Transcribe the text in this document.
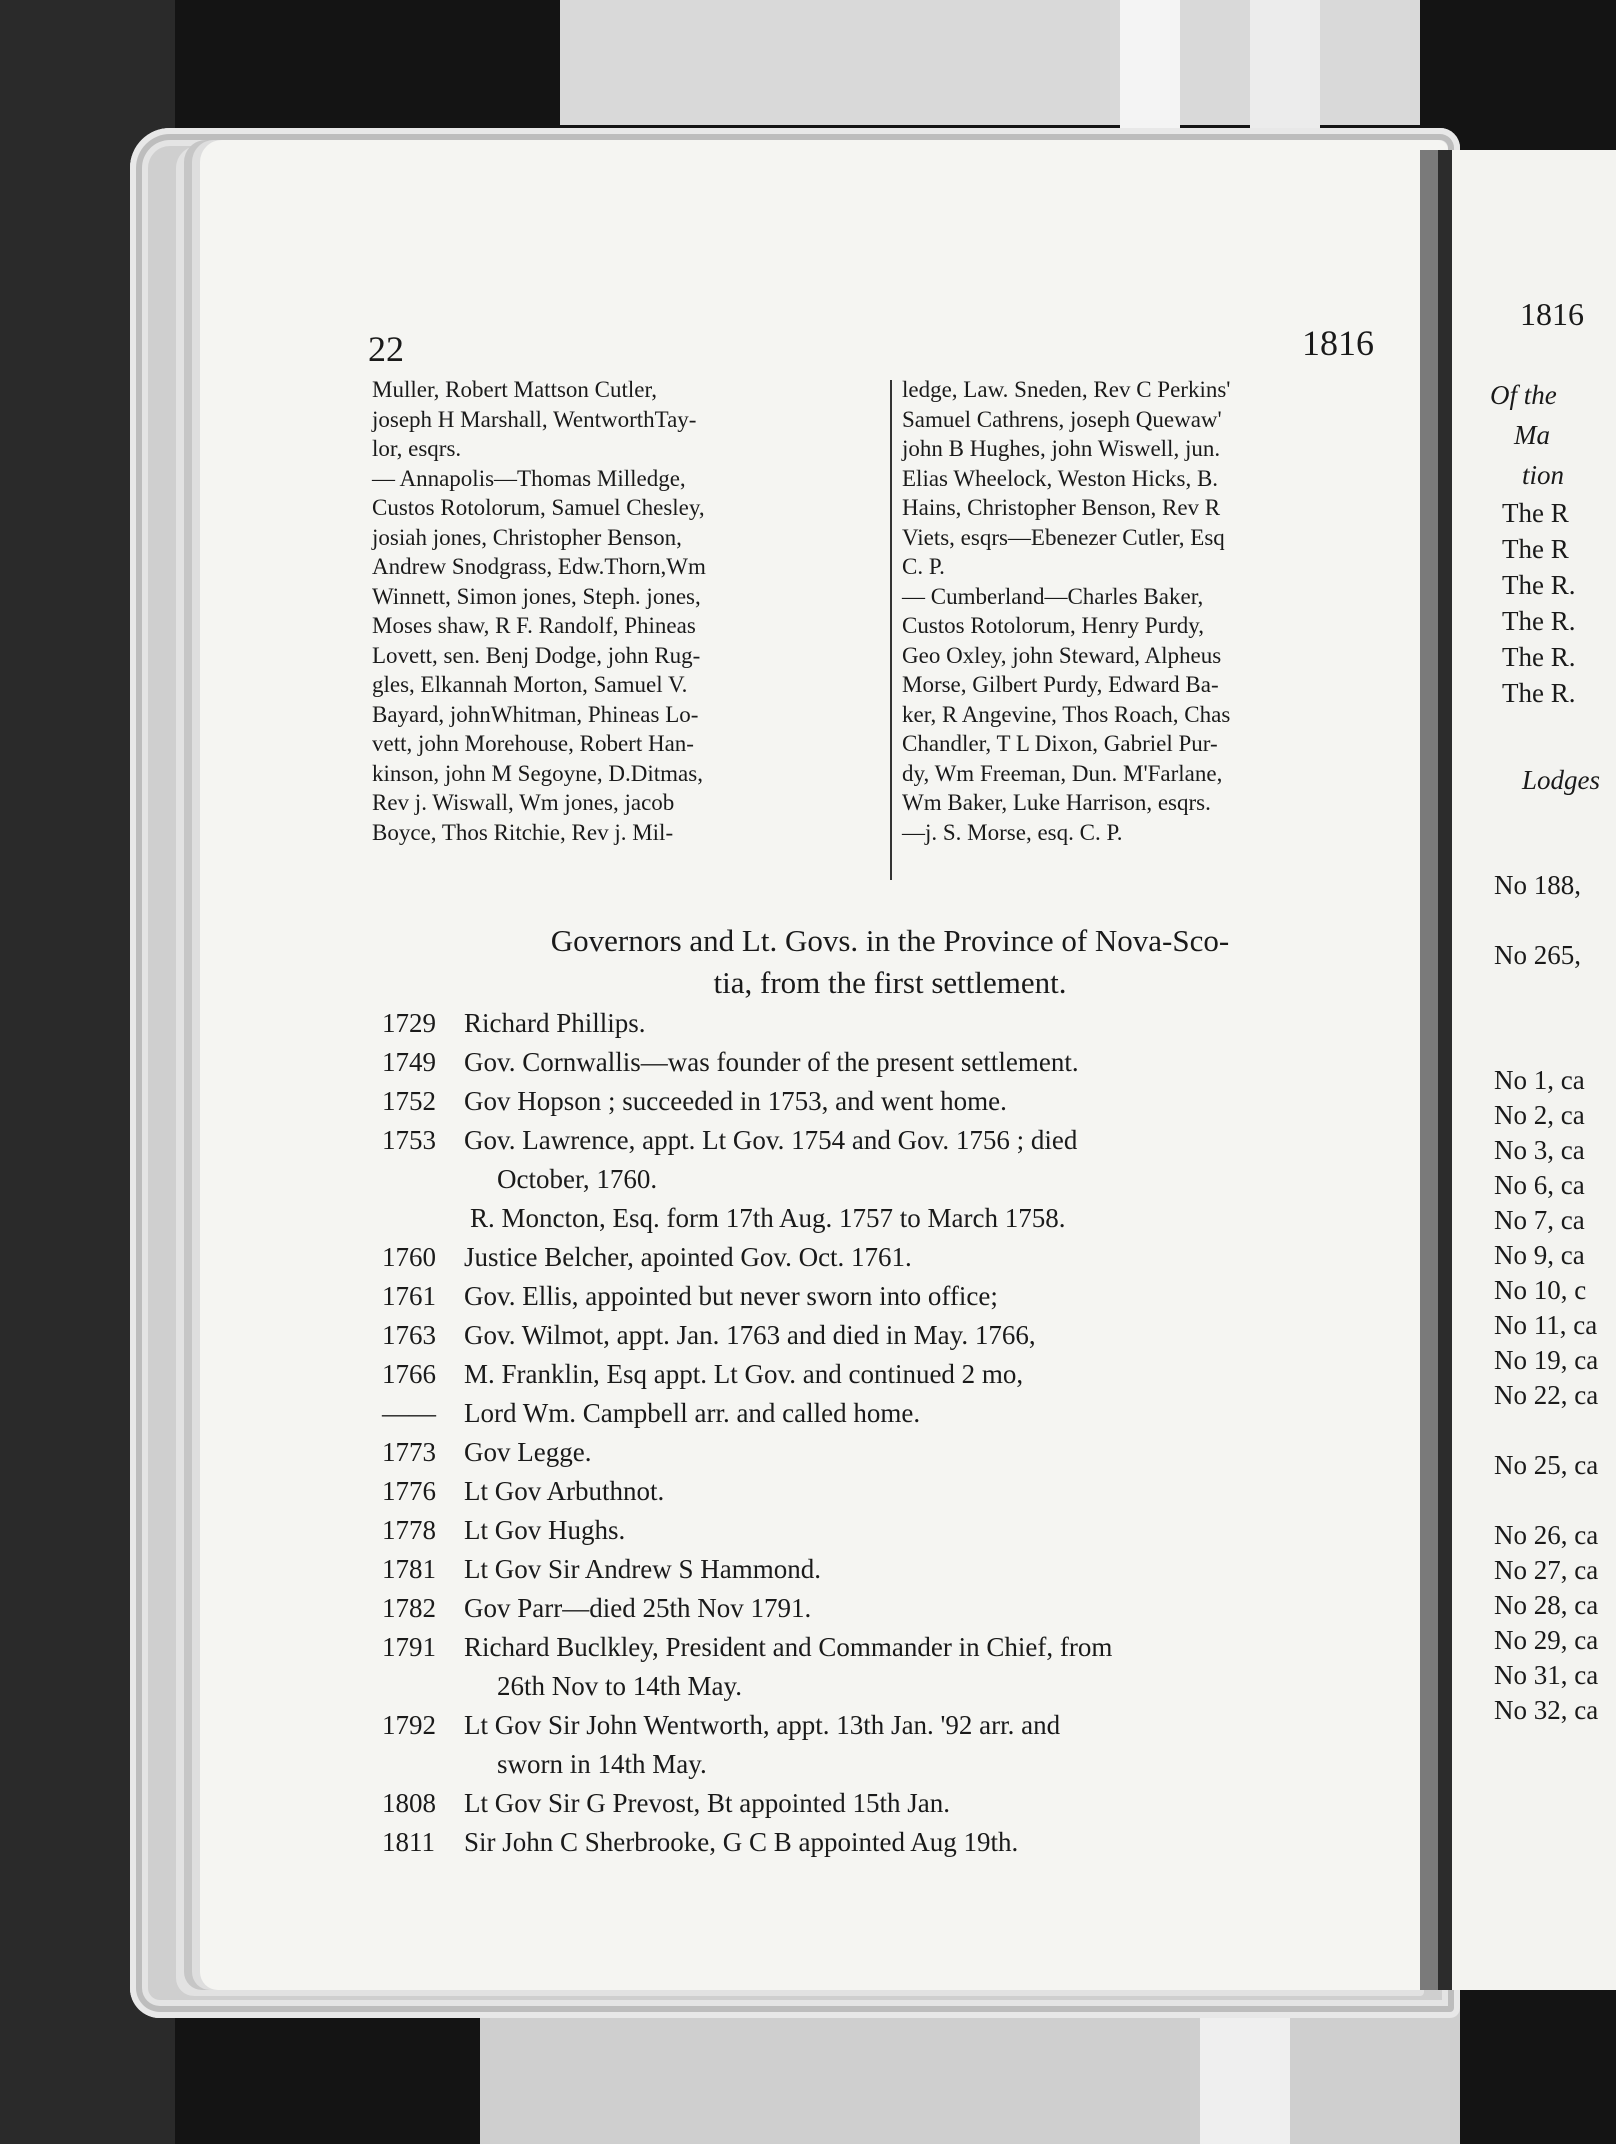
22	1816
Muller, Robert Mattson Cutler,
joseph H Marshall, WentworthTay-
lor, esqrs.
— Annapolis—Thomas Milledge,
Custos Rotolorum, Samuel Chesley,
josiah jones, Christopher Benson,
Andrew Snodgrass, Edw.Thorn,Wm
Winnett, Simon jones, Steph. jones,
Moses shaw, R F. Randolf, Phineas
Lovett, sen. Benj Dodge, john Rug-
gles, Elkannah Morton, Samuel V.
Bayard, johnWhitman, Phineas Lo-
vett, john Morehouse, Robert Han-
kinson, john M Segoyne, D.Ditmas,
Rev j. Wiswall, Wm jones, jacob
Boyce, Thos Ritchie, Rev j. Mil-
ledge, Law. Sneden, Rev C Perkins'
Samuel Cathrens, joseph Quewaw'
john B Hughes, john Wiswell, jun.
Elias Wheelock, Weston Hicks, B.
Hains, Christopher Benson, Rev R
Viets, esqrs—Ebenezer Cutler, Esq
C. P.
— Cumberland—Charles Baker,
Custos Rotolorum, Henry Purdy,
Geo Oxley, john Steward, Alpheus
Morse, Gilbert Purdy, Edward Ba-
ker, R Angevine, Thos Roach, Chas
Chandler, T L Dixon, Gabriel Pur-
dy, Wm Freeman, Dun. M'Farlane,
Wm Baker, Luke Harrison, esqrs.
—j. S. Morse, esq. C. P.
Governors and Lt. Govs. in the Province of Nova-Sco-
tia, from the first settlement.
1729 Richard Phillips.
1749 Gov. Cornwallis—was founder of the present settlement.
1752 Gov Hopson ; succeeded in 1753, and went home.
1753 Gov. Lawrence, appt. Lt Gov. 1754 and Gov. 1756 ; died
October, 1760.
R. Moncton, Esq. form 17th Aug. 1757 to March 1758.
1760 Justice Belcher, apointed Gov. Oct. 1761.
1761 Gov. Ellis, appointed but never sworn into office;
1763 Gov. Wilmot, appt. Jan. 1763 and died in May. 1766,
1766 M. Franklin, Esq appt. Lt Gov. and continued 2 mo,
—— Lord Wm. Campbell arr. and called home.
1773 Gov Legge.
1776 Lt Gov Arbuthnot.
1778 Lt Gov Hughs.
1781 Lt Gov Sir Andrew S Hammond.
1782 Gov Parr—died 25th Nov 1791.
1791 Richard Buclkley, President and Commander in Chief, from
26th Nov to 14th May.
1792 Lt Gov Sir John Wentworth, appt. 13th Jan. '92 arr. and
sworn in 14th May.
1808 Lt Gov Sir G Prevost, Bt appointed 15th Jan.
1811 Sir John C Sherbrooke, G C B appointed Aug 19th.
1816
Of the
Ma
tion
The R
The R
The R.
The R.
The R.
The R.
Lodges
No 188,
No 265,
No 1, ca
No 2, ca
No 3, ca
No 6, ca
No 7, ca
No 9, ca
No 10, c
No 11, ca
No 19, ca
No 22, ca
No 25, ca
No 26, ca
No 27, ca
No 28, ca
No 29, ca
No 31, ca
No 32, ca
